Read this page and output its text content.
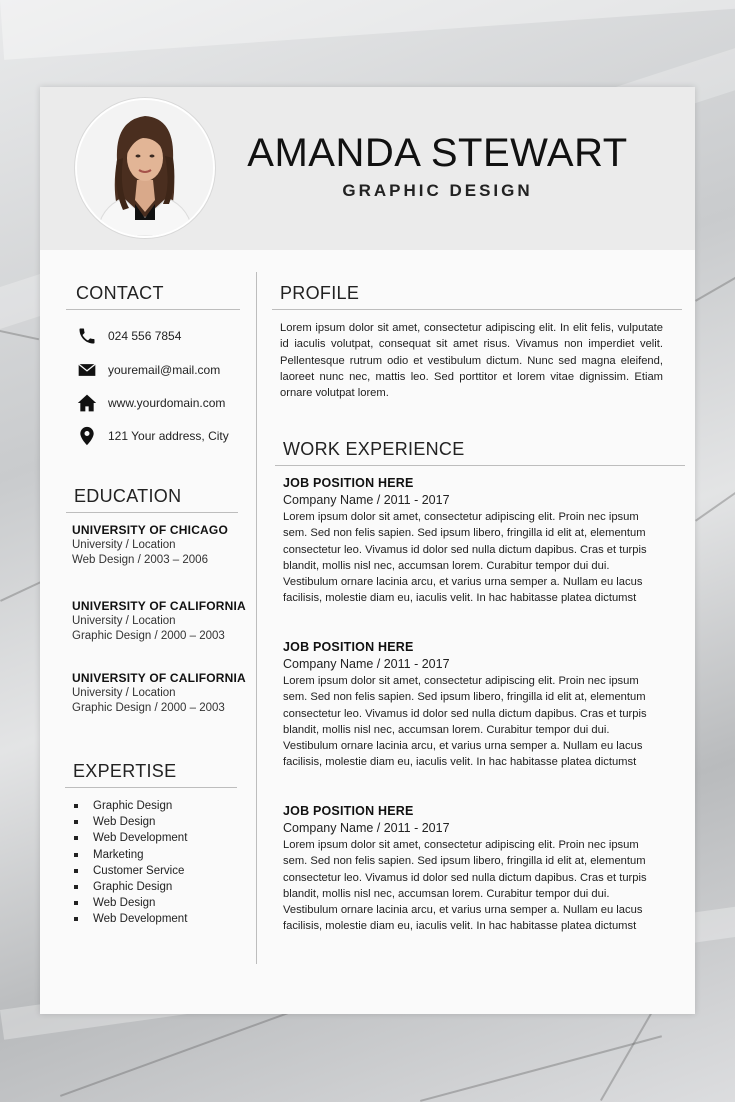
AMANDA STEWART
GRAPHIC DESIGN
CONTACT
024 556 7854
youremail@mail.com
www.yourdomain.com
121 Your address, City
EDUCATION
UNIVERSITY OF CHICAGO
University / Location
Web Design / 2003 – 2006
UNIVERSITY OF CALIFORNIA
University / Location
Graphic Design / 2000 – 2003
UNIVERSITY OF CALIFORNIA
University / Location
Graphic Design / 2000 – 2003
EXPERTISE
Graphic Design
Web Design
Web Development
Marketing
Customer Service
Graphic Design
Web Design
Web Development
PROFILE
Lorem ipsum dolor sit amet, consectetur adipiscing elit. In elit felis, vulputate id iaculis volutpat, consequat sit amet risus. Vivamus non imperdiet velit. Pellentesque rutrum odio et vestibulum dictum. Nunc sed magna eleifend, laoreet nunc nec, mattis leo. Sed porttitor et lorem vitae dignissim. Etiam ornare volutpat lorem.
WORK EXPERIENCE
JOB POSITION HERE
Company Name / 2011 - 2017
Lorem ipsum dolor sit amet, consectetur adipiscing elit. Proin nec ipsum sem. Sed non felis sapien. Sed ipsum libero, fringilla id elit at, elementum consectetur leo. Vivamus id dolor sed nulla dictum dapibus. Cras et turpis blandit, mollis nisl nec, accumsan lorem. Curabitur tempor dui dui. Vestibulum ornare lacinia arcu, et varius urna semper a. Nullam eu lacus facilisis, molestie diam eu, iaculis velit. In hac habitasse platea dictumst
JOB POSITION HERE
Company Name / 2011 - 2017
Lorem ipsum dolor sit amet, consectetur adipiscing elit. Proin nec ipsum sem. Sed non felis sapien. Sed ipsum libero, fringilla id elit at, elementum consectetur leo. Vivamus id dolor sed nulla dictum dapibus. Cras et turpis blandit, mollis nisl nec, accumsan lorem. Curabitur tempor dui dui. Vestibulum ornare lacinia arcu, et varius urna semper a. Nullam eu lacus facilisis, molestie diam eu, iaculis velit. In hac habitasse platea dictumst
JOB POSITION HERE
Company Name / 2011 - 2017
Lorem ipsum dolor sit amet, consectetur adipiscing elit. Proin nec ipsum sem. Sed non felis sapien. Sed ipsum libero, fringilla id elit at, elementum consectetur leo. Vivamus id dolor sed nulla dictum dapibus. Cras et turpis blandit, mollis nisl nec, accumsan lorem. Curabitur tempor dui dui. Vestibulum ornare lacinia arcu, et varius urna semper a. Nullam eu lacus facilisis, molestie diam eu, iaculis velit. In hac habitasse platea dictumst
